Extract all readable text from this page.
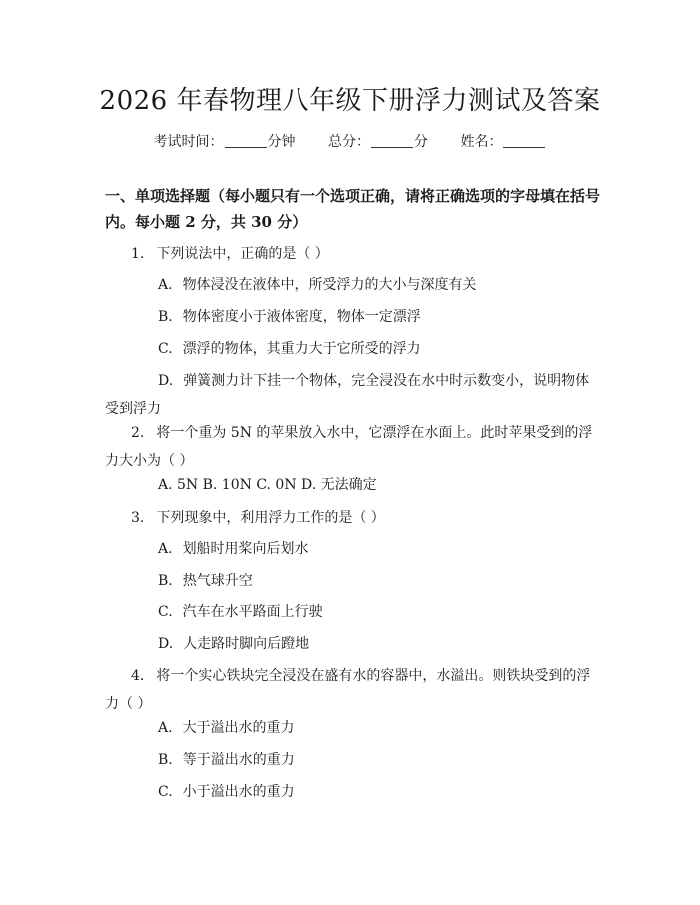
2026 年春物理八年级下册浮力测试及答案
考试时间：	分钟 总分：	分 姓名：

一、单项选择题（每小题只有一个选项正确，请将正确选项的字母填在括号内。每小题 2 分，共 30 分）

1. 下列说法中，正确的是（ ）

A. 物体浸没在液体中，所受浮力的大小与深度有关

B. 物体密度小于液体密度，物体一定漂浮

C. 漂浮的物体，其重力大于它所受的浮力

D. 弹簧测力计下挂一个物体，完全浸没在水中时示数变小，说明物体受到浮力

2. 将一个重为 5N 的苹果放入水中，它漂浮在水面上。此时苹果受到的浮力大小为（ ）

A. 5N B. 10N C. 0N D. 无法确定

3. 下列现象中，利用浮力工作的是（ ）

A. 划船时用桨向后划水

B. 热气球升空

C. 汽车在水平路面上行驶

D. 人走路时脚向后蹬地

4. 将一个实心铁块完全浸没在盛有水的容器中，水溢出。则铁块受到的浮力（ ）

A. 大于溢出水的重力

B. 等于溢出水的重力

C. 小于溢出水的重力
